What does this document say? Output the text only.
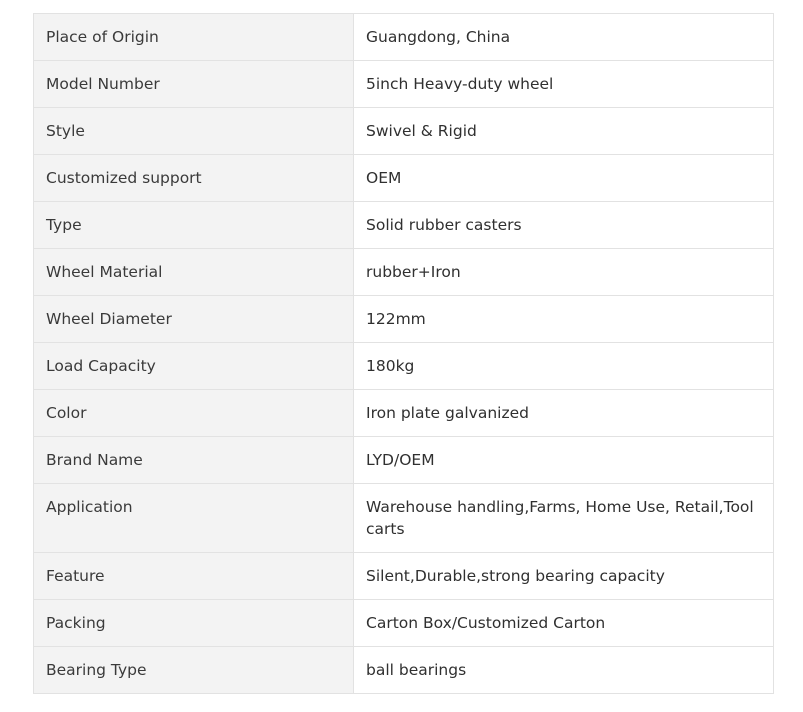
Place of Origin	Guangdong, China
Model Number	5inch Heavy-duty wheel
Style	Swivel & Rigid
Customized support	OEM
Type	Solid rubber casters
Wheel Material	rubber+Iron
Wheel Diameter	122mm
Load Capacity	180kg
Color	Iron plate galvanized
Brand Name	LYD/OEM
Application	Warehouse handling,Farms, Home Use, Retail,Tool carts
Feature	Silent,Durable,strong bearing capacity
Packing	Carton Box/Customized Carton
Bearing Type	ball bearings
